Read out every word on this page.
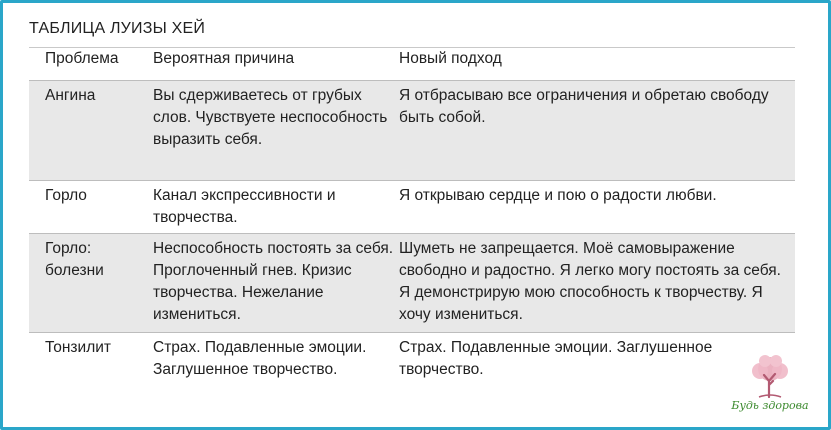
ТАБЛИЦА ЛУИЗЫ ХЕЙ
Проблема	Вероятная причина	Новый подход
Ангина	Вы сдерживаетесь от грубых слов. Чувствуете неспособность выразить себя.	Я отбрасываю все ограничения и обретаю свободу быть собой.
Горло	Канал экспрессивности и творчества.	Я открываю сердце и пою о радости любви.
Горло: болезни	Неспособность постоять за себя. Проглоченный гнев. Кризис творчества. Нежелание измениться.	Шуметь не запрещается. Моё самовыражение свободно и радостно. Я легко могу постоять за себя. Я демонстрирую мою способность к творчеству. Я хочу измениться.
Тонзилит	Страх. Подавленные эмоции. Заглушенное творчество.	Страх. Подавленные эмоции. Заглушенное творчество.
Будь здорова
